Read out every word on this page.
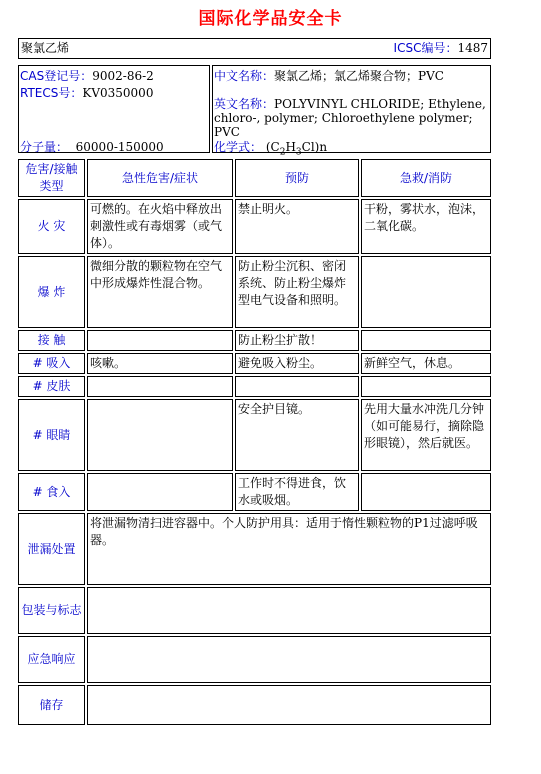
国际化学品安全卡
聚氯乙烯	ICSC编号：1487
CAS登记号：9002-86-2
RTECS号：KV0350000
分子量： 60000-150000

中文名称：聚氯乙烯；氯乙烯聚合物；PVC
英文名称：POLYVINYL CHLORIDE; Ethylene, chloro-, polymer; Chloroethylene polymer; PVC
化学式： $(C_2H_3Cl)n$
危害/接触类型	急性危害/症状	预防	急救/消防
火 灾	可燃的。在火焰中释放出刺激性或有毒烟雾（或气体）。	禁止明火。	干粉，雾状水，泡沫，二氧化碳。
爆 炸	微细分散的颗粒物在空气中形成爆炸性混合物。	防止粉尘沉积、密闭系统、防止粉尘爆炸型电气设备和照明。	
接 触		防止粉尘扩散！	
# 吸入	咳嗽。	避免吸入粉尘。	新鲜空气，休息。
# 皮肤			
# 眼睛		安全护目镜。	先用大量水冲洗几分钟（如可能易行，摘除隐形眼镜），然后就医。
# 食入		工作时不得进食，饮水或吸烟。	
泄漏处置	将泄漏物清扫进容器中。个人防护用具：适用于惰性颗粒物的P1过滤呼吸器。		
包装与标志			
应急响应			
储存			
